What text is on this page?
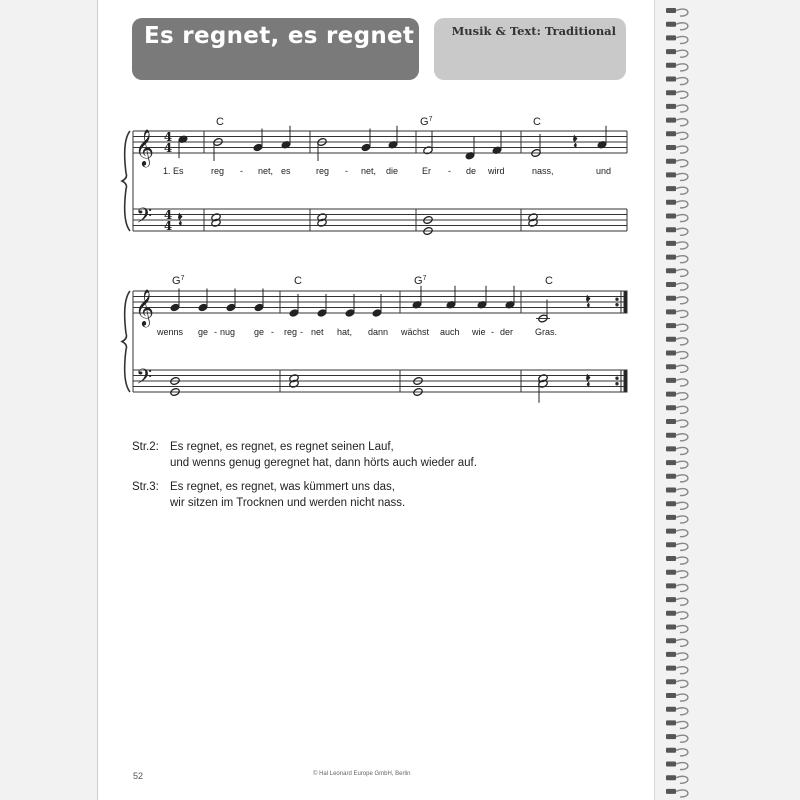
Es regnet, es regnet	Musik & Text: Traditional
𝄞
𝄢
𝄞
𝄢
4
4
4
4
C	$G^7$	C
$G^7$	C	$G^7$	C
1. Es	reg - net, es	reg - net, die	Er - de wird	nass,	und
wenns ge - nug ge - reg - net hat, dann wächst auch wie - der Gras.
Str.2: Es regnet, es regnet, es regnet seinen Lauf,
und wenns genug geregnet hat, dann hörts auch wieder auf.
Str.3: Es regnet, es regnet, was kümmert uns das,
wir sitzen im Trocknen und werden nicht nass.
52	© Hal Leonard Europe GmbH, Berlin
